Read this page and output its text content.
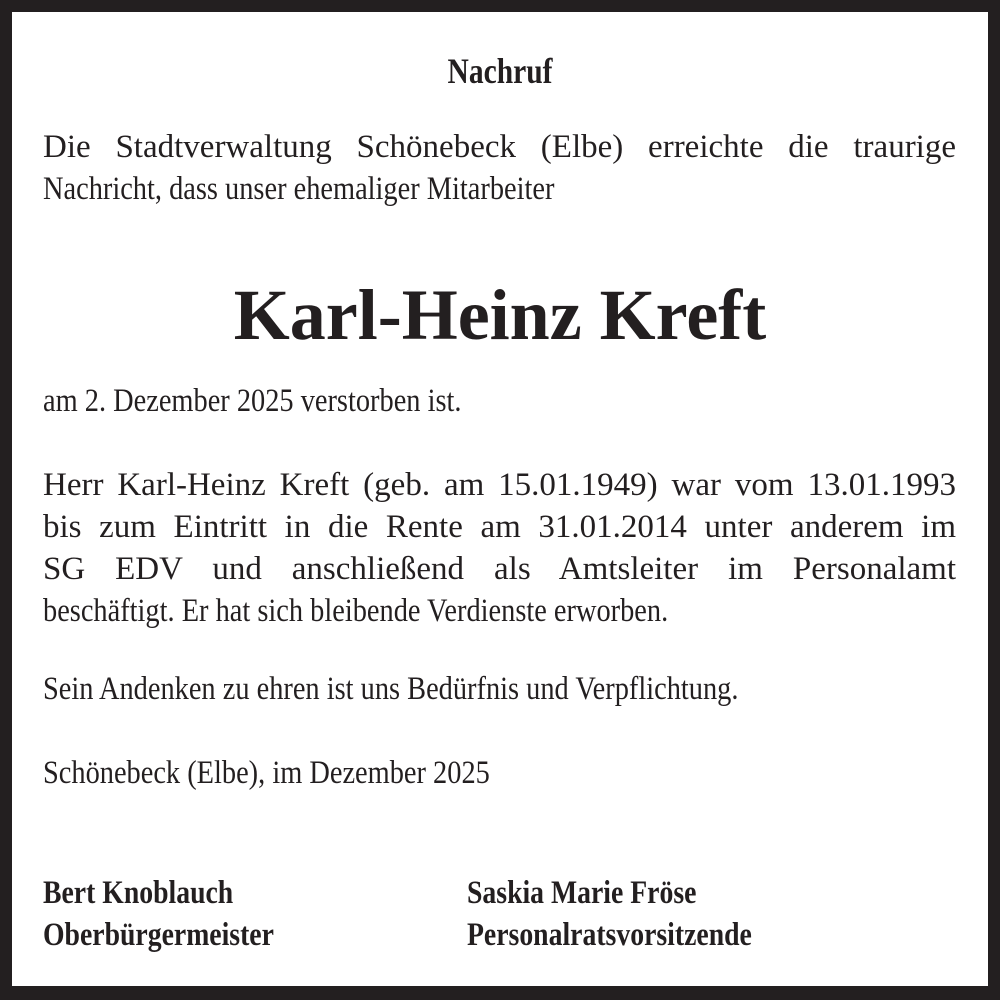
Nachruf
Die Stadtverwaltung Schönebeck (Elbe) erreichte die traurige
Nachricht, dass unser ehemaliger Mitarbeiter
Karl-Heinz Kreft
am 2. Dezember 2025 verstorben ist.
Herr Karl-Heinz Kreft (geb. am 15.01.1949) war vom 13.01.1993
bis zum Eintritt in die Rente am 31.01.2014 unter anderem im
SG EDV und anschließend als Amtsleiter im Personalamt
beschäftigt. Er hat sich bleibende Verdienste erworben.
Sein Andenken zu ehren ist uns Bedürfnis und Verpflichtung.
Schönebeck (Elbe), im Dezember 2025
Bert Knoblauch
Oberbürgermeister
Saskia Marie Fröse
Personalratsvorsitzende
